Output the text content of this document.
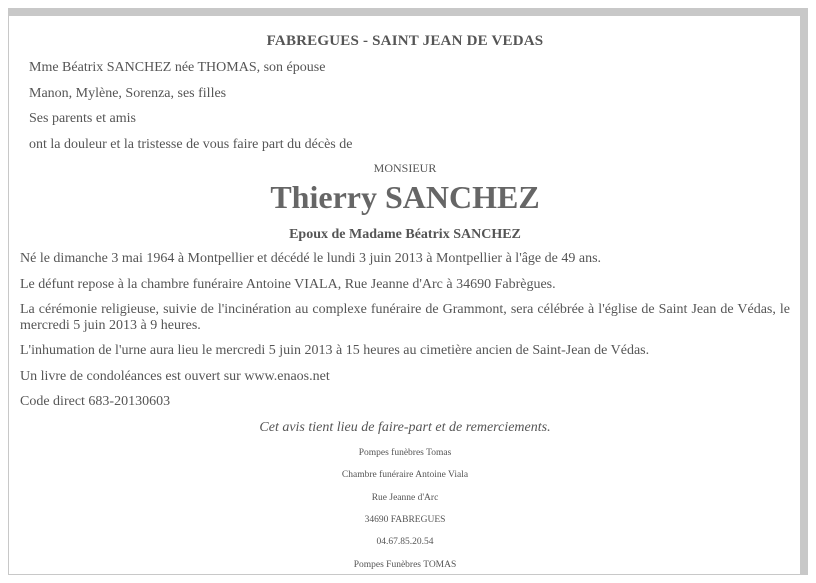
FABREGUES - SAINT JEAN DE VEDAS
Mme Béatrix SANCHEZ née THOMAS, son épouse
Manon, Mylène, Sorenza, ses filles
Ses parents et amis
ont la douleur et la tristesse de vous faire part du décès de
MONSIEUR
Thierry SANCHEZ
Epoux de Madame Béatrix SANCHEZ
Né le dimanche 3 mai 1964 à Montpellier et décédé le lundi 3 juin 2013 à Montpellier à l'âge de 49 ans.
Le défunt repose à la chambre funéraire Antoine VIALA, Rue Jeanne d'Arc à 34690 Fabrègues.
La cérémonie religieuse, suivie de l'incinération au complexe funéraire de Grammont, sera célébrée à l'église de Saint Jean de Védas, le mercredi 5 juin 2013 à 9 heures.
L'inhumation de l'urne aura lieu le mercredi 5 juin 2013 à 15 heures au cimetière ancien de Saint-Jean de Védas.
Un livre de condoléances est ouvert sur www.enaos.net
Code direct 683-20130603
Cet avis tient lieu de faire-part et de remerciements.
Pompes funèbres Tomas
Chambre funéraire Antoine Viala
Rue Jeanne d'Arc
34690 FABREGUES
04.67.85.20.54
Pompes Funèbres TOMAS
